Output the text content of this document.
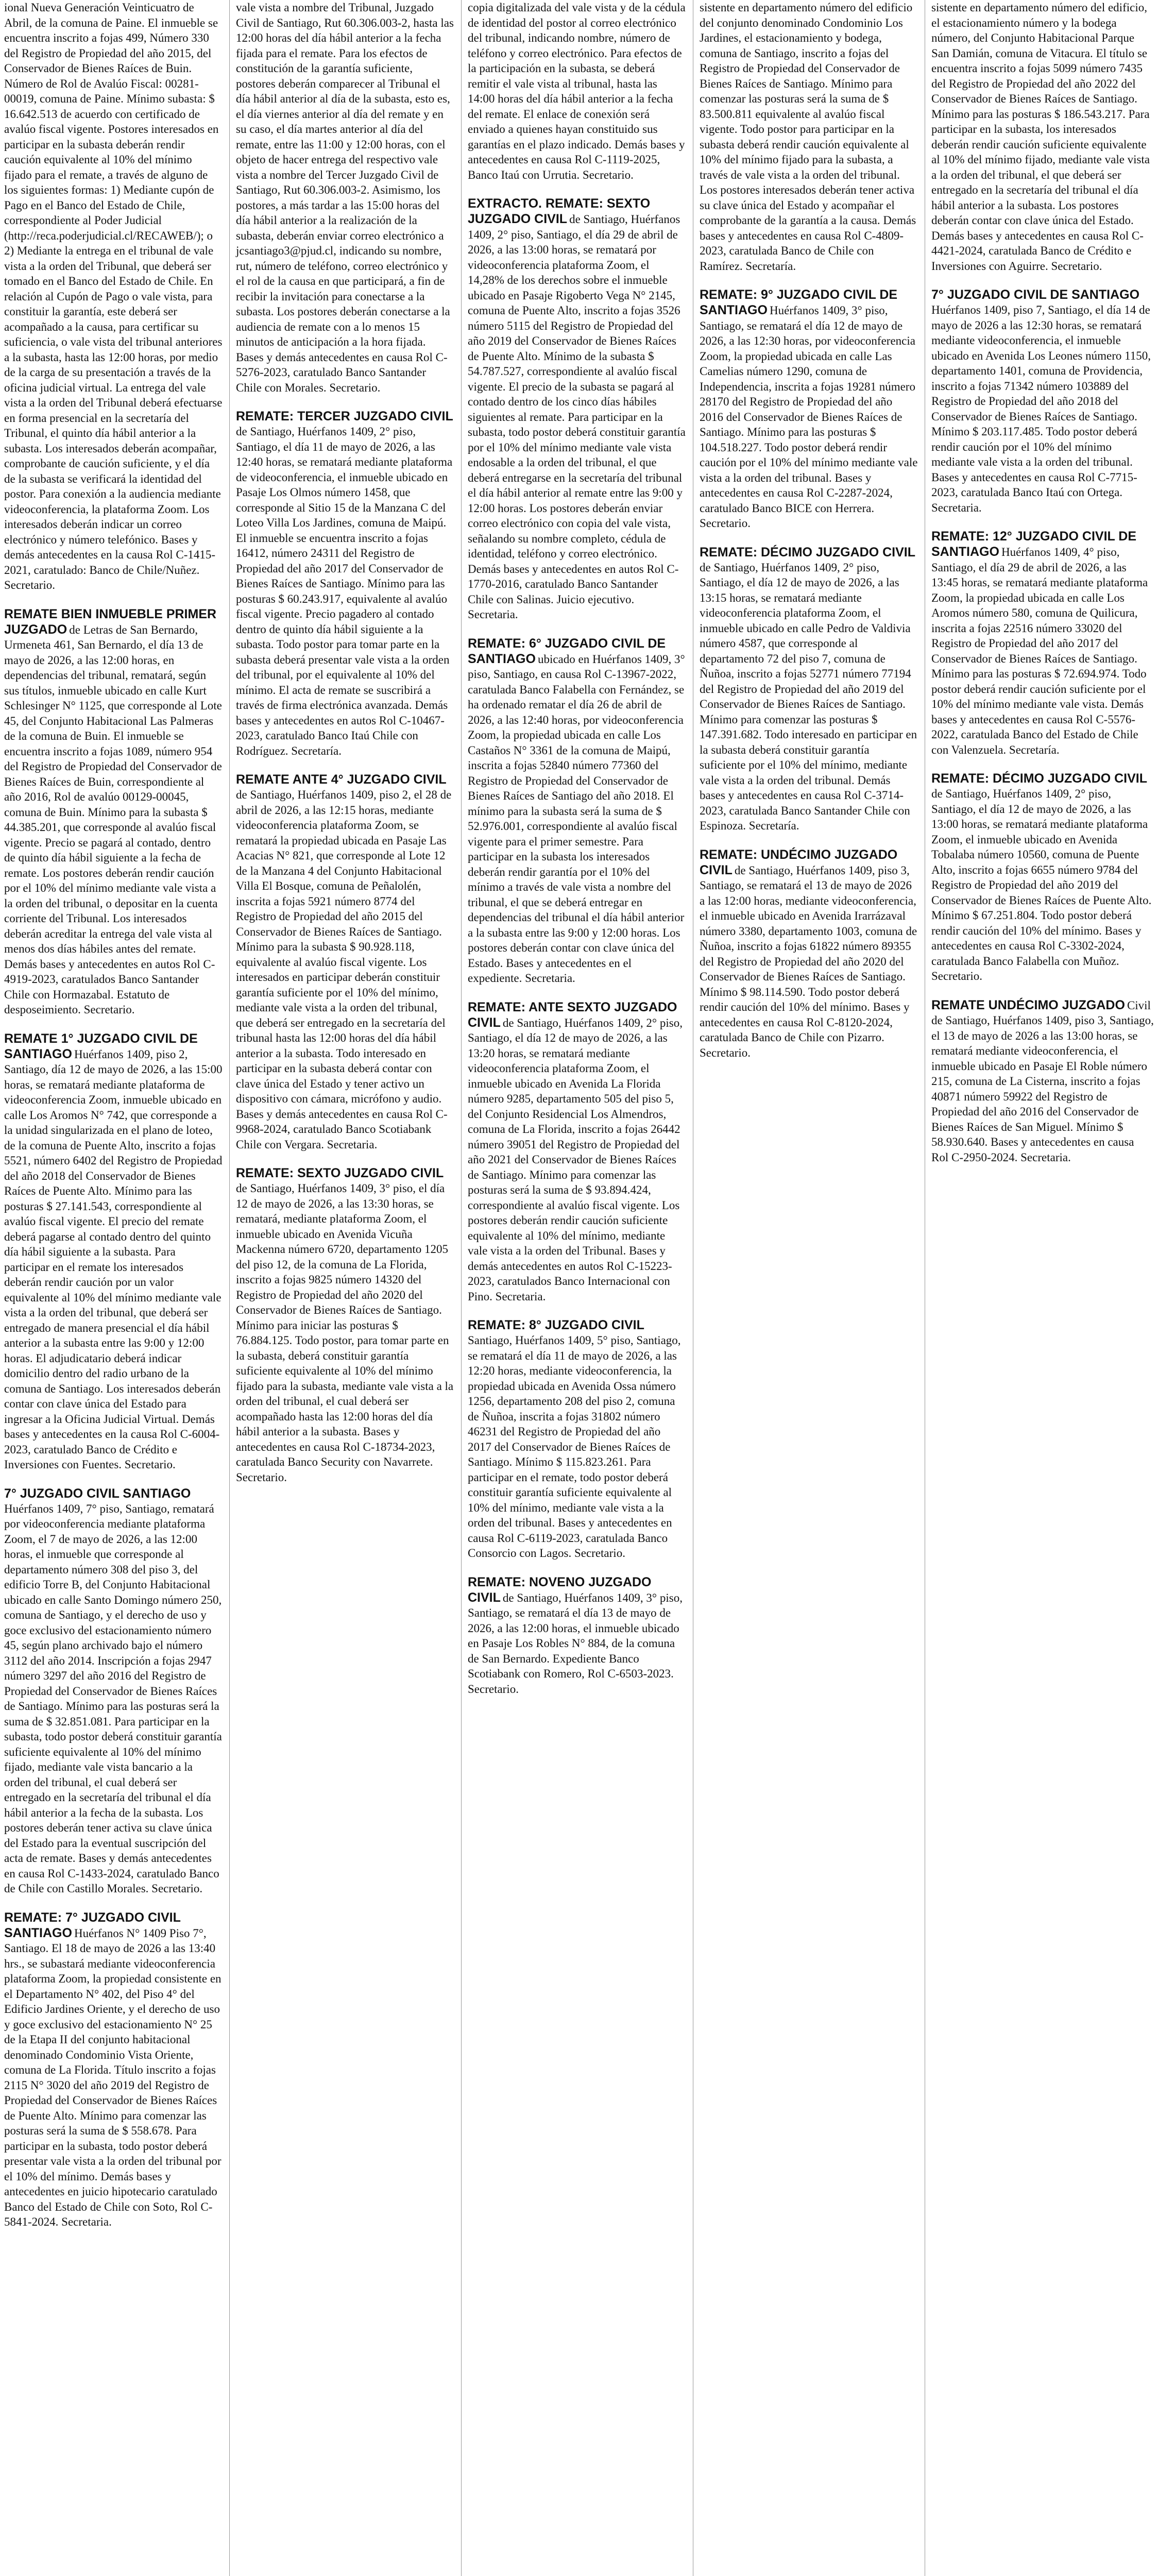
ional Nueva Generación Veinticuatro de Abril, de la comuna de Paine. El inmueble se encuentra inscrito a fojas 499, Número 330 del Registro de Propiedad del año 2015, del Conservador de Bienes Raíces de Buin. Número de Rol de Avalúo Fiscal: 00281-00019, comuna de Paine. Mínimo subasta: $ 16.642.513 de acuerdo con certificado de avalúo fiscal vigente. Postores interesados en participar en la subasta deberán rendir caución equivalente al 10% del mínimo fijado para el remate, a través de alguno de los siguientes formas: 1) Mediante cupón de Pago en el Banco del Estado de Chile, correspondiente al Poder Judicial (http://reca.poderjudicial.cl/RECAWEB/); o 2) Mediante la entrega en el tribunal de vale vista a la orden del Tribunal, que deberá ser tomado en el Banco del Estado de Chile. En relación al Cupón de Pago o vale vista, para constituir la garantía, este deberá ser acompañado a la causa, para certificar su suficiencia, o vale vista del tribunal anteriores a la subasta, hasta las 12:00 horas, por medio de la carga de su presentación a través de la oficina judicial virtual. La entrega del vale vista a la orden del Tribunal deberá efectuarse en forma presencial en la secretaría del Tribunal, el quinto día hábil anterior a la subasta. Los interesados deberán acompañar, comprobante de caución suficiente, y el día de la subasta se verificará la identidad del postor. Para conexión a la audiencia mediante videoconferencia, la plataforma Zoom. Los interesados deberán indicar un correo electrónico y número telefónico. Bases y demás antecedentes en la causa Rol C-1415-2021, caratulado: Banco de Chile/Nuñez. Secretario.

REMATE BIEN INMUEBLE PRIMER JUZGADO de Letras de San Bernardo, Urmeneta 461, San Bernardo, el día 13 de mayo de 2026, a las 12:00 horas, en dependencias del tribunal, rematará, según sus títulos, inmueble ubicado en calle Kurt Schlesinger N° 1125, que corresponde al Lote 45, del Conjunto Habitacional Las Palmeras de la comuna de Buin. El inmueble se encuentra inscrito a fojas 1089, número 954 del Registro de Propiedad del Conservador de Bienes Raíces de Buin, correspondiente al año 2016, Rol de avalúo 00129-00045, comuna de Buin. Mínimo para la subasta $ 44.385.201, que corresponde al avalúo fiscal vigente. Precio se pagará al contado, dentro de quinto día hábil siguiente a la fecha de remate. Los postores deberán rendir caución por el 10% del mínimo mediante vale vista a la orden del tribunal, o depositar en la cuenta corriente del Tribunal. Los interesados deberán acreditar la entrega del vale vista al menos dos días hábiles antes del remate. Demás bases y antecedentes en autos Rol C-4919-2023, caratulados Banco Santander Chile con Hormazabal. Estatuto de desposeimiento. Secretario.

REMATE 1° JUZGADO CIVIL DE SANTIAGO Huérfanos 1409, piso 2, Santiago, día 12 de mayo de 2026, a las 15:00 horas, se rematará mediante plataforma de videoconferencia Zoom, inmueble ubicado en calle Los Aromos N° 742, que corresponde a la unidad singularizada en el plano de loteo, de la comuna de Puente Alto, inscrito a fojas 5521, número 6402 del Registro de Propiedad del año 2018 del Conservador de Bienes Raíces de Puente Alto. Mínimo para las posturas $ 27.141.543, correspondiente al avalúo fiscal vigente. El precio del remate deberá pagarse al contado dentro del quinto día hábil siguiente a la subasta. Para participar en el remate los interesados deberán rendir caución por un valor equivalente al 10% del mínimo mediante vale vista a la orden del tribunal, que deberá ser entregado de manera presencial el día hábil anterior a la subasta entre las 9:00 y 12:00 horas. El adjudicatario deberá indicar domicilio dentro del radio urbano de la comuna de Santiago. Los interesados deberán contar con clave única del Estado para ingresar a la Oficina Judicial Virtual. Demás bases y antecedentes en la causa Rol C-6004-2023, caratulado Banco de Crédito e Inversiones con Fuentes. Secretario.

7° JUZGADO CIVIL SANTIAGO Huérfanos 1409, 7° piso, Santiago, rematará por videoconferencia mediante plataforma Zoom, el 7 de mayo de 2026, a las 12:00 horas, el inmueble que corresponde al departamento número 308 del piso 3, del edificio Torre B, del Conjunto Habitacional ubicado en calle Santo Domingo número 250, comuna de Santiago, y el derecho de uso y goce exclusivo del estacionamiento número 45, según plano archivado bajo el número 3112 del año 2014. Inscripción a fojas 2947 número 3297 del año 2016 del Registro de Propiedad del Conservador de Bienes Raíces de Santiago. Mínimo para las posturas será la suma de $ 32.851.081. Para participar en la subasta, todo postor deberá constituir garantía suficiente equivalente al 10% del mínimo fijado, mediante vale vista bancario a la orden del tribunal, el cual deberá ser entregado en la secretaría del tribunal el día hábil anterior a la fecha de la subasta. Los postores deberán tener activa su clave única del Estado para la eventual suscripción del acta de remate. Bases y demás antecedentes en causa Rol C-1433-2024, caratulado Banco de Chile con Castillo Morales. Secretario.

REMATE: 7° JUZGADO CIVIL SANTIAGO Huérfanos N° 1409 Piso 7°, Santiago. El 18 de mayo de 2026 a las 13:40 hrs., se subastará mediante videoconferencia plataforma Zoom, la propiedad consistente en el Departamento N° 402, del Piso 4° del Edificio Jardines Oriente, y el derecho de uso y goce exclusivo del estacionamiento N° 25 de la Etapa II del conjunto habitacional denominado Condominio Vista Oriente, comuna de La Florida. Título inscrito a fojas 2115 N° 3020 del año 2019 del Registro de Propiedad del Conservador de Bienes Raíces de Puente Alto. Mínimo para comenzar las posturas será la suma de $ 558.678. Para participar en la subasta, todo postor deberá presentar vale vista a la orden del tribunal por el 10% del mínimo. Demás bases y antecedentes en juicio hipotecario caratulado Banco del Estado de Chile con Soto, Rol C-5841-2024. Secretaria.

vale vista a nombre del Tribunal, Juzgado Civil de Santiago, Rut 60.306.003-2, hasta las 12:00 horas del día hábil anterior a la fecha fijada para el remate. Para los efectos de constitución de la garantía suficiente, postores deberán comparecer al Tribunal el día hábil anterior al día de la subasta, esto es, el día viernes anterior al día del remate y en su caso, el día martes anterior al día del remate, entre las 11:00 y 12:00 horas, con el objeto de hacer entrega del respectivo vale vista a nombre del Tercer Juzgado Civil de Santiago, Rut 60.306.003-2. Asimismo, los postores, a más tardar a las 15:00 horas del día hábil anterior a la realización de la subasta, deberán enviar correo electrónico a jcsantiago3@pjud.cl, indicando su nombre, rut, número de teléfono, correo electrónico y el rol de la causa en que participará, a fin de recibir la invitación para conectarse a la subasta. Los postores deberán conectarse a la audiencia de remate con a lo menos 15 minutos de anticipación a la hora fijada. Bases y demás antecedentes en causa Rol C-5276-2023, caratulado Banco Santander Chile con Morales. Secretario.

REMATE: TERCER JUZGADO CIVIL de Santiago, Huérfanos 1409, 2° piso, Santiago, el día 11 de mayo de 2026, a las 12:40 horas, se rematará mediante plataforma de videoconferencia, el inmueble ubicado en Pasaje Los Olmos número 1458, que corresponde al Sitio 15 de la Manzana C del Loteo Villa Los Jardines, comuna de Maipú. El inmueble se encuentra inscrito a fojas 16412, número 24311 del Registro de Propiedad del año 2017 del Conservador de Bienes Raíces de Santiago. Mínimo para las posturas $ 60.243.917, equivalente al avalúo fiscal vigente. Precio pagadero al contado dentro de quinto día hábil siguiente a la subasta. Todo postor para tomar parte en la subasta deberá presentar vale vista a la orden del tribunal, por el equivalente al 10% del mínimo. El acta de remate se suscribirá a través de firma electrónica avanzada. Demás bases y antecedentes en autos Rol C-10467-2023, caratulado Banco Itaú Chile con Rodríguez. Secretaría.

REMATE ANTE 4° JUZGADO CIVIL de Santiago, Huérfanos 1409, piso 2, el 28 de abril de 2026, a las 12:15 horas, mediante videoconferencia plataforma Zoom, se rematará la propiedad ubicada en Pasaje Las Acacias N° 821, que corresponde al Lote 12 de la Manzana 4 del Conjunto Habitacional Villa El Bosque, comuna de Peñalolén, inscrita a fojas 5921 número 8774 del Registro de Propiedad del año 2015 del Conservador de Bienes Raíces de Santiago. Mínimo para la subasta $ 90.928.118, equivalente al avalúo fiscal vigente. Los interesados en participar deberán constituir garantía suficiente por el 10% del mínimo, mediante vale vista a la orden del tribunal, que deberá ser entregado en la secretaría del tribunal hasta las 12:00 horas del día hábil anterior a la subasta. Todo interesado en participar en la subasta deberá contar con clave única del Estado y tener activo un dispositivo con cámara, micrófono y audio. Bases y demás antecedentes en causa Rol C-9968-2024, caratulado Banco Scotiabank Chile con Vergara. Secretaria.

REMATE: SEXTO JUZGADO CIVIL de Santiago, Huérfanos 1409, 3° piso, el día 12 de mayo de 2026, a las 13:30 horas, se rematará, mediante plataforma Zoom, el inmueble ubicado en Avenida Vicuña Mackenna número 6720, departamento 1205 del piso 12, de la comuna de La Florida, inscrito a fojas 9825 número 14320 del Registro de Propiedad del año 2020 del Conservador de Bienes Raíces de Santiago. Mínimo para iniciar las posturas $ 76.884.125. Todo postor, para tomar parte en la subasta, deberá constituir garantía suficiente equivalente al 10% del mínimo fijado para la subasta, mediante vale vista a la orden del tribunal, el cual deberá ser acompañado hasta las 12:00 horas del día hábil anterior a la subasta. Bases y antecedentes en causa Rol C-18734-2023, caratulada Banco Security con Navarrete. Secretario.

copia digitalizada del vale vista y de la cédula de identidad del postor al correo electrónico del tribunal, indicando nombre, número de teléfono y correo electrónico. Para efectos de la participación en la subasta, se deberá remitir el vale vista al tribunal, hasta las 14:00 horas del día hábil anterior a la fecha del remate. El enlace de conexión será enviado a quienes hayan constituido sus garantías en el plazo indicado. Demás bases y antecedentes en causa Rol C-1119-2025, Banco Itaú con Urrutia. Secretario.

EXTRACTO. REMATE: SEXTO JUZGADO CIVIL de Santiago, Huérfanos 1409, 2° piso, Santiago, el día 29 de abril de 2026, a las 13:00 horas, se rematará por videoconferencia plataforma Zoom, el 14,28% de los derechos sobre el inmueble ubicado en Pasaje Rigoberto Vega N° 2145, comuna de Puente Alto, inscrito a fojas 3526 número 5115 del Registro de Propiedad del año 2019 del Conservador de Bienes Raíces de Puente Alto. Mínimo de la subasta $ 54.787.527, correspondiente al avalúo fiscal vigente. El precio de la subasta se pagará al contado dentro de los cinco días hábiles siguientes al remate. Para participar en la subasta, todo postor deberá constituir garantía por el 10% del mínimo mediante vale vista endosable a la orden del tribunal, el que deberá entregarse en la secretaría del tribunal el día hábil anterior al remate entre las 9:00 y 12:00 horas. Los postores deberán enviar correo electrónico con copia del vale vista, señalando su nombre completo, cédula de identidad, teléfono y correo electrónico. Demás bases y antecedentes en autos Rol C-1770-2016, caratulado Banco Santander Chile con Salinas. Juicio ejecutivo. Secretaria.

REMATE: 6° JUZGADO CIVIL DE SANTIAGO ubicado en Huérfanos 1409, 3° piso, Santiago, en causa Rol C-13967-2022, caratulada Banco Falabella con Fernández, se ha ordenado rematar el día 26 de abril de 2026, a las 12:40 horas, por videoconferencia Zoom, la propiedad ubicada en calle Los Castaños N° 3361 de la comuna de Maipú, inscrita a fojas 52840 número 77360 del Registro de Propiedad del Conservador de Bienes Raíces de Santiago del año 2018. El mínimo para la subasta será la suma de $ 52.976.001, correspondiente al avalúo fiscal vigente para el primer semestre. Para participar en la subasta los interesados deberán rendir garantía por el 10% del mínimo a través de vale vista a nombre del tribunal, el que se deberá entregar en dependencias del tribunal el día hábil anterior a la subasta entre las 9:00 y 12:00 horas. Los postores deberán contar con clave única del Estado. Bases y antecedentes en el expediente. Secretaria.

REMATE: ANTE SEXTO JUZGADO CIVIL de Santiago, Huérfanos 1409, 2° piso, Santiago, el día 12 de mayo de 2026, a las 13:20 horas, se rematará mediante videoconferencia plataforma Zoom, el inmueble ubicado en Avenida La Florida número 9285, departamento 505 del piso 5, del Conjunto Residencial Los Almendros, comuna de La Florida, inscrito a fojas 26442 número 39051 del Registro de Propiedad del año 2021 del Conservador de Bienes Raíces de Santiago. Mínimo para comenzar las posturas será la suma de $ 93.894.424, correspondiente al avalúo fiscal vigente. Los postores deberán rendir caución suficiente equivalente al 10% del mínimo, mediante vale vista a la orden del Tribunal. Bases y demás antecedentes en autos Rol C-15223-2023, caratulados Banco Internacional con Pino. Secretaria.

REMATE: 8° JUZGADO CIVIL Santiago, Huérfanos 1409, 5° piso, Santiago, se rematará el día 11 de mayo de 2026, a las 12:20 horas, mediante videoconferencia, la propiedad ubicada en Avenida Ossa número 1256, departamento 208 del piso 2, comuna de Ñuñoa, inscrita a fojas 31802 número 46231 del Registro de Propiedad del año 2017 del Conservador de Bienes Raíces de Santiago. Mínimo $ 115.823.261. Para participar en el remate, todo postor deberá constituir garantía suficiente equivalente al 10% del mínimo, mediante vale vista a la orden del tribunal. Bases y antecedentes en causa Rol C-6119-2023, caratulada Banco Consorcio con Lagos. Secretario.

REMATE: NOVENO JUZGADO CIVIL de Santiago, Huérfanos 1409, 3° piso, Santiago, se rematará el día 13 de mayo de 2026, a las 12:00 horas, el inmueble ubicado en Pasaje Los Robles N° 884, de la comuna de San Bernardo. Expediente Banco Scotiabank con Romero, Rol C-6503-2023. Secretario.

sistente en departamento número del edificio del conjunto denominado Condominio Los Jardines, el estacionamiento y bodega, comuna de Santiago, inscrito a fojas del Registro de Propiedad del Conservador de Bienes Raíces de Santiago. Mínimo para comenzar las posturas será la suma de $ 83.500.811 equivalente al avalúo fiscal vigente. Todo postor para participar en la subasta deberá rendir caución equivalente al 10% del mínimo fijado para la subasta, a través de vale vista a la orden del tribunal. Los postores interesados deberán tener activa su clave única del Estado y acompañar el comprobante de la garantía a la causa. Demás bases y antecedentes en causa Rol C-4809-2023, caratulada Banco de Chile con Ramírez. Secretaría.

REMATE: 9° JUZGADO CIVIL DE SANTIAGO Huérfanos 1409, 3° piso, Santiago, se rematará el día 12 de mayo de 2026, a las 12:30 horas, por videoconferencia Zoom, la propiedad ubicada en calle Las Camelias número 1290, comuna de Independencia, inscrita a fojas 19281 número 28170 del Registro de Propiedad del año 2016 del Conservador de Bienes Raíces de Santiago. Mínimo para las posturas $ 104.518.227. Todo postor deberá rendir caución por el 10% del mínimo mediante vale vista a la orden del tribunal. Bases y antecedentes en causa Rol C-2287-2024, caratulado Banco BICE con Herrera. Secretario.

REMATE: DÉCIMO JUZGADO CIVIL de Santiago, Huérfanos 1409, 2° piso, Santiago, el día 12 de mayo de 2026, a las 13:15 horas, se rematará mediante videoconferencia plataforma Zoom, el inmueble ubicado en calle Pedro de Valdivia número 4587, que corresponde al departamento 72 del piso 7, comuna de Ñuñoa, inscrito a fojas 52771 número 77194 del Registro de Propiedad del año 2019 del Conservador de Bienes Raíces de Santiago. Mínimo para comenzar las posturas $ 147.391.682. Todo interesado en participar en la subasta deberá constituir garantía suficiente por el 10% del mínimo, mediante vale vista a la orden del tribunal. Demás bases y antecedentes en causa Rol C-3714-2023, caratulada Banco Santander Chile con Espinoza. Secretaría.

REMATE: UNDÉCIMO JUZGADO CIVIL de Santiago, Huérfanos 1409, piso 3, Santiago, se rematará el 13 de mayo de 2026 a las 12:00 horas, mediante videoconferencia, el inmueble ubicado en Avenida Irarrázaval número 3380, departamento 1003, comuna de Ñuñoa, inscrito a fojas 61822 número 89355 del Registro de Propiedad del año 2020 del Conservador de Bienes Raíces de Santiago. Mínimo $ 98.114.590. Todo postor deberá rendir caución del 10% del mínimo. Bases y antecedentes en causa Rol C-8120-2024, caratulada Banco de Chile con Pizarro. Secretario.

sistente en departamento número del edificio, el estacionamiento número y la bodega número, del Conjunto Habitacional Parque San Damián, comuna de Vitacura. El título se encuentra inscrito a fojas 5099 número 7435 del Registro de Propiedad del año 2022 del Conservador de Bienes Raíces de Santiago. Mínimo para las posturas $ 186.543.217. Para participar en la subasta, los interesados deberán rendir caución suficiente equivalente al 10% del mínimo fijado, mediante vale vista a la orden del tribunal, el que deberá ser entregado en la secretaría del tribunal el día hábil anterior a la subasta. Los postores deberán contar con clave única del Estado. Demás bases y antecedentes en causa Rol C-4421-2024, caratulada Banco de Crédito e Inversiones con Aguirre. Secretario.

7° JUZGADO CIVIL DE SANTIAGO Huérfanos 1409, piso 7, Santiago, el día 14 de mayo de 2026 a las 12:30 horas, se rematará mediante videoconferencia, el inmueble ubicado en Avenida Los Leones número 1150, departamento 1401, comuna de Providencia, inscrito a fojas 71342 número 103889 del Registro de Propiedad del año 2018 del Conservador de Bienes Raíces de Santiago. Mínimo $ 203.117.485. Todo postor deberá rendir caución por el 10% del mínimo mediante vale vista a la orden del tribunal. Bases y antecedentes en causa Rol C-7715-2023, caratulada Banco Itaú con Ortega. Secretaria.

REMATE: 12° JUZGADO CIVIL DE SANTIAGO Huérfanos 1409, 4° piso, Santiago, el día 29 de abril de 2026, a las 13:45 horas, se rematará mediante plataforma Zoom, la propiedad ubicada en calle Los Aromos número 580, comuna de Quilicura, inscrita a fojas 22516 número 33020 del Registro de Propiedad del año 2017 del Conservador de Bienes Raíces de Santiago. Mínimo para las posturas $ 72.694.974. Todo postor deberá rendir caución suficiente por el 10% del mínimo mediante vale vista. Demás bases y antecedentes en causa Rol C-5576-2022, caratulada Banco del Estado de Chile con Valenzuela. Secretaría.

REMATE: DÉCIMO JUZGADO CIVIL de Santiago, Huérfanos 1409, 2° piso, Santiago, el día 12 de mayo de 2026, a las 13:00 horas, se rematará mediante plataforma Zoom, el inmueble ubicado en Avenida Tobalaba número 10560, comuna de Puente Alto, inscrito a fojas 6655 número 9784 del Registro de Propiedad del año 2019 del Conservador de Bienes Raíces de Puente Alto. Mínimo $ 67.251.804. Todo postor deberá rendir caución del 10% del mínimo. Bases y antecedentes en causa Rol C-3302-2024, caratulada Banco Falabella con Muñoz. Secretario.

REMATE UNDÉCIMO JUZGADO Civil de Santiago, Huérfanos 1409, piso 3, Santiago, el 13 de mayo de 2026 a las 13:00 horas, se rematará mediante videoconferencia, el inmueble ubicado en Pasaje El Roble número 215, comuna de La Cisterna, inscrito a fojas 40871 número 59922 del Registro de Propiedad del año 2016 del Conservador de Bienes Raíces de San Miguel. Mínimo $ 58.930.640. Bases y antecedentes en causa Rol C-2950-2024. Secretaria.
